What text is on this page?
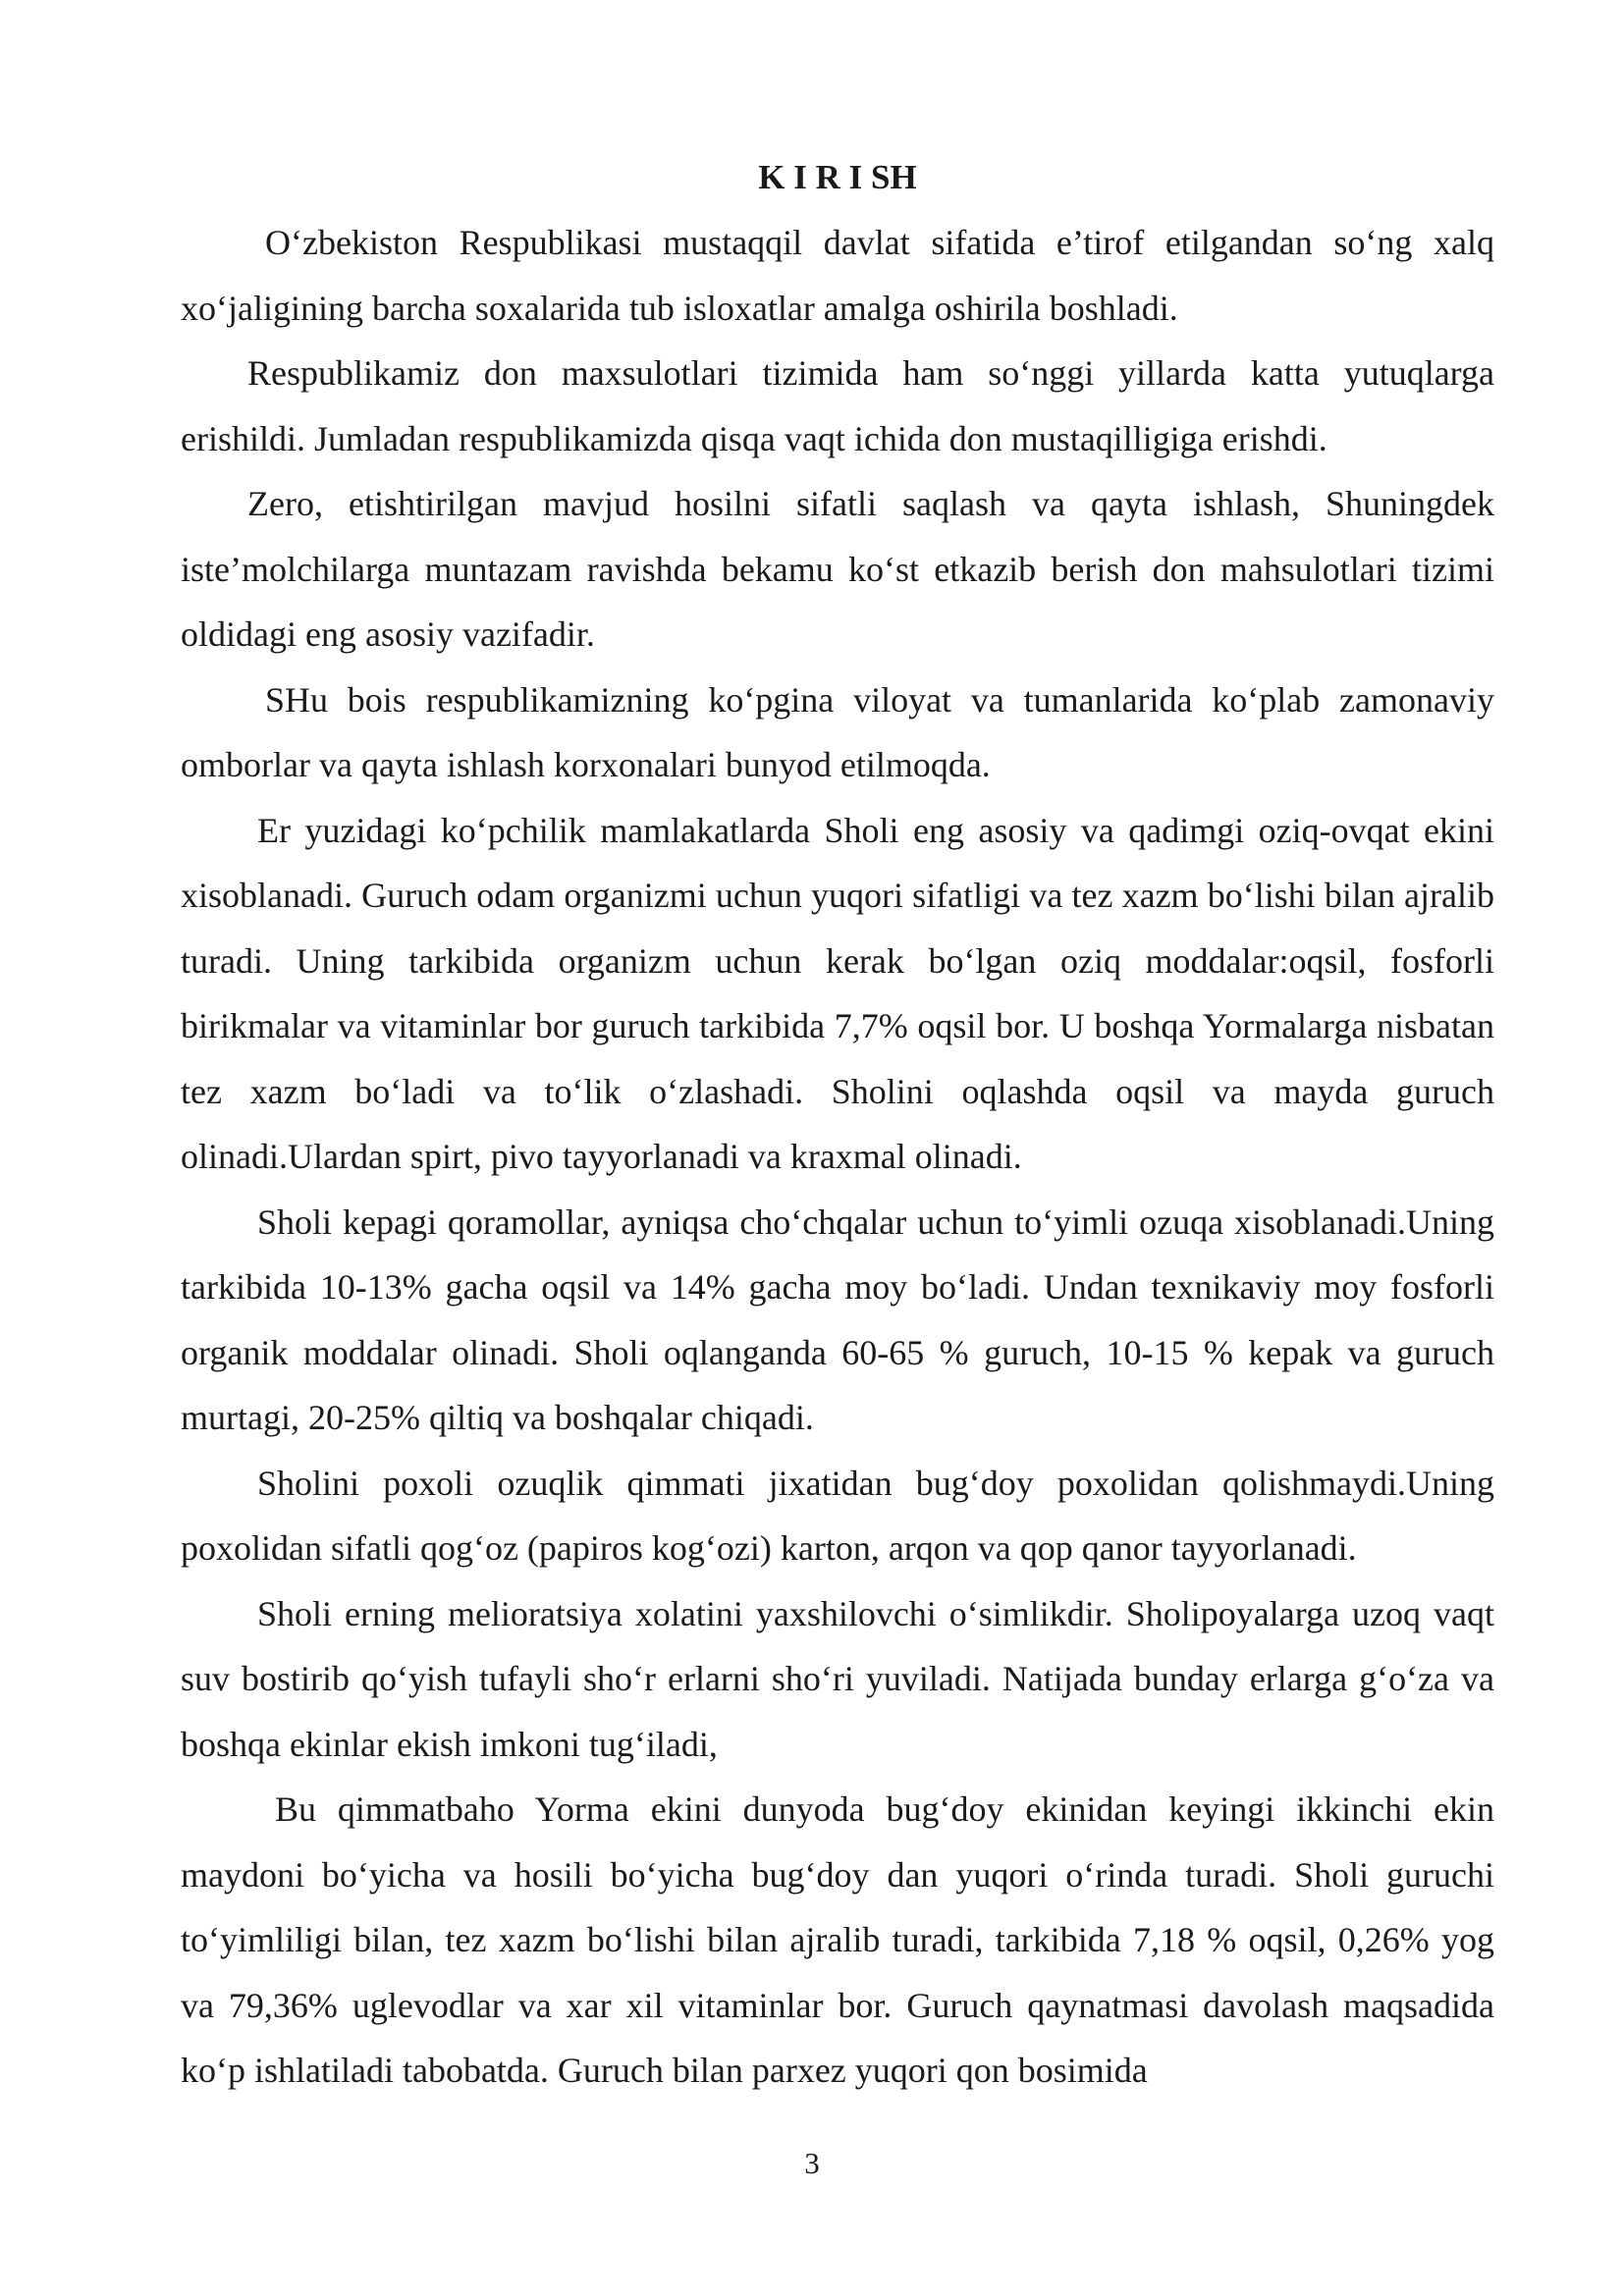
K I R I SH

O‘zbekiston Respublikasi mustaqqil davlat sifatida e’tirof etilgandan so‘ng xalq xo‘jaligining barcha soxalarida tub isloxatlar amalga oshirila boshladi.

Respublikamiz don maxsulotlari tizimida ham so‘nggi yillarda katta yutuqlarga erishildi. Jumladan respublikamizda qisqa vaqt ichida don mustaqilligiga erishdi.

Zero, etishtirilgan mavjud hosilni sifatli saqlash va qayta ishlash, Shuningdek iste’molchilarga muntazam ravishda bekamu ko‘st etkazib berish don mahsulotlari tizimi oldidagi eng asosiy vazifadir.

SHu bois respublikamizning ko‘pgina viloyat va tumanlarida ko‘plab zamonaviy omborlar va qayta ishlash korxonalari bunyod etilmoqda.

Er yuzidagi ko‘pchilik mamlakatlarda Sholi eng asosiy va qadimgi oziq-ovqat ekini xisoblanadi. Guruch odam organizmi uchun yuqori sifatligi va tez xazm bo‘lishi bilan ajralib turadi. Uning tarkibida organizm uchun kerak bo‘lgan oziq moddalar:oqsil, fosforli birikmalar va vitaminlar bor guruch tarkibida 7,7% oqsil bor. U boshqa Yormalarga nisbatan tez xazm bo‘ladi va to‘lik o‘zlashadi. Sholini oqlashda oqsil va mayda guruch olinadi.Ulardan spirt, pivo tayyorlanadi va kraxmal olinadi.

Sholi kepagi qoramollar, ayniqsa cho‘chqalar uchun to‘yimli ozuqa xisoblanadi.Uning tarkibida 10-13% gacha oqsil va 14% gacha moy bo‘ladi. Undan texnikaviy moy fosforli organik moddalar olinadi. Sholi oqlanganda 60-65 % guruch, 10-15 % kepak va guruch murtagi, 20-25% qiltiq va boshqalar chiqadi.

Sholini poxoli ozuqlik qimmati jixatidan bug‘doy poxolidan qolishmaydi.Uning poxolidan sifatli qog‘oz (papiros kog‘ozi) karton, arqon va qop qanor tayyorlanadi.

Sholi erning melioratsiya xolatini yaxshilovchi o‘simlikdir. Sholipoyalarga uzoq vaqt suv bostirib qo‘yish tufayli sho‘r erlarni sho‘ri yuviladi. Natijada bunday erlarga g‘o‘za va boshqa ekinlar ekish imkoni tug‘iladi,

Bu qimmatbaho Yorma ekini dunyoda bug‘doy ekinidan keyingi ikkinchi ekin maydoni bo‘yicha va hosili bo‘yicha bug‘doy dan yuqori o‘rinda turadi. Sholi guruchi to‘yimliligi bilan, tez xazm bo‘lishi bilan ajralib turadi, tarkibida 7,18 % oqsil, 0,26% yog va 79,36% uglevodlar va xar xil vitaminlar bor. Guruch qaynatmasi davolash maqsadida ko‘p ishlatiladi tabobatda. Guruch bilan parxez yuqori qon bosimida

3
